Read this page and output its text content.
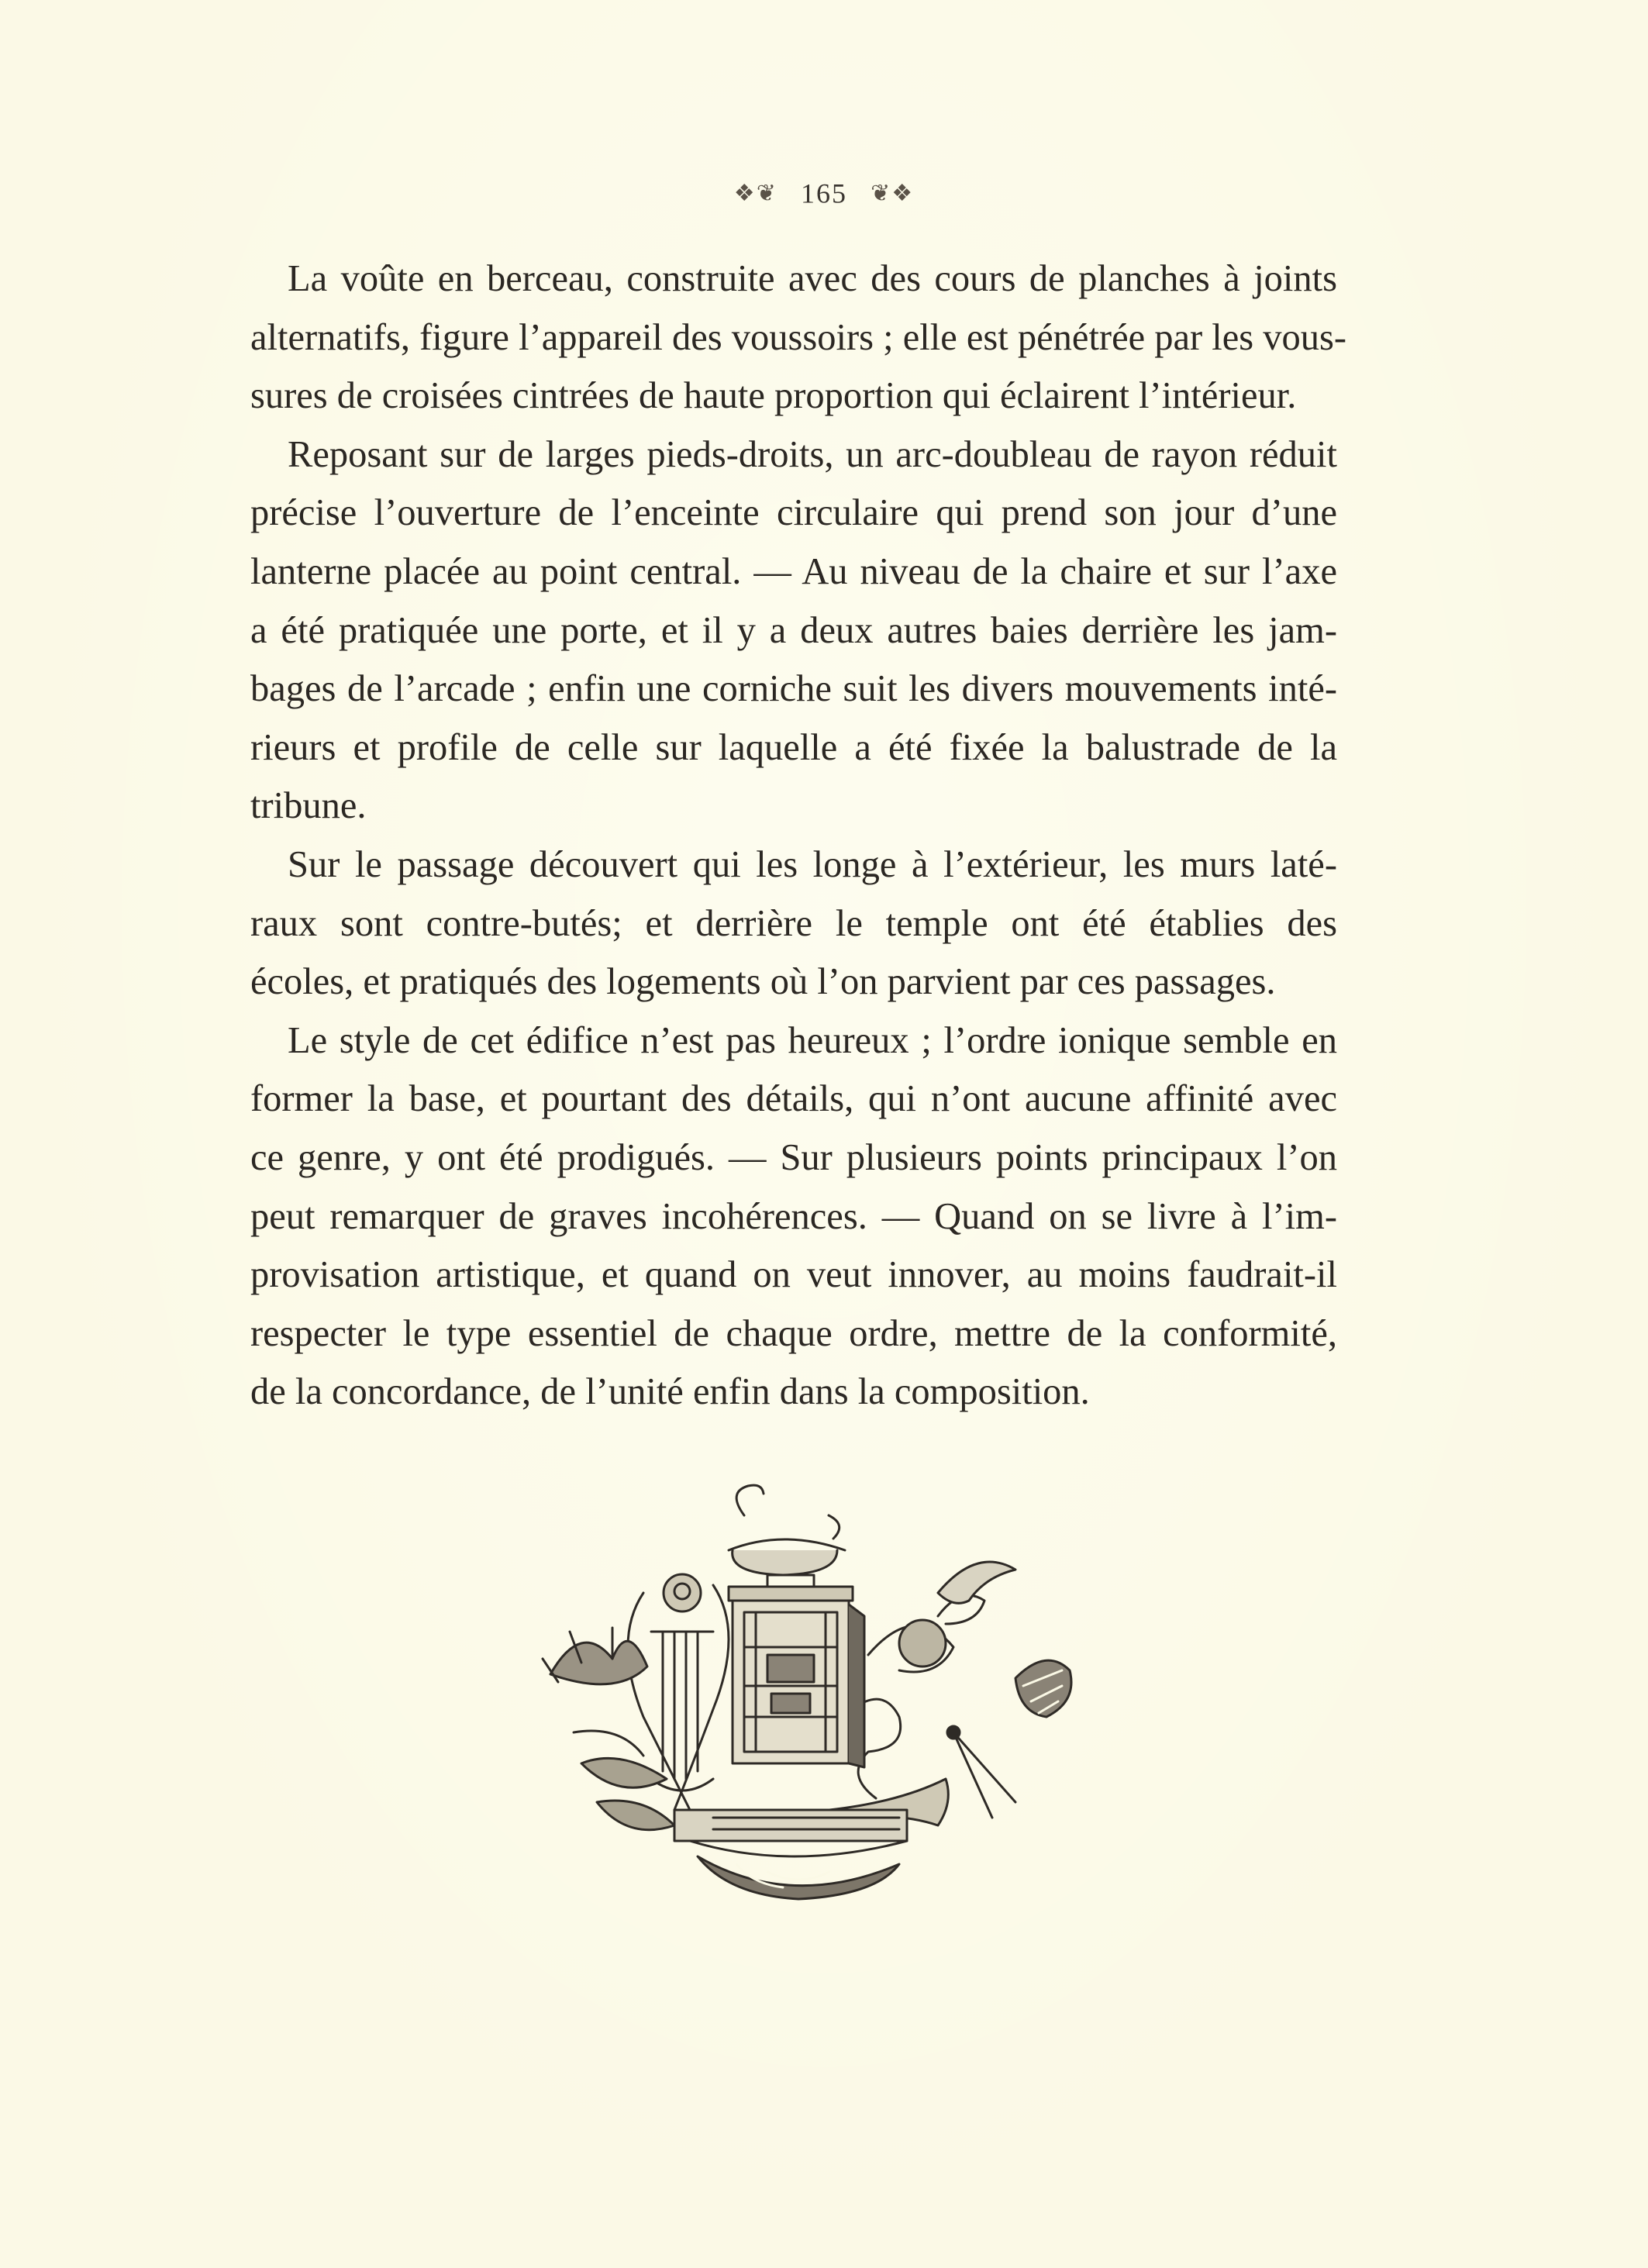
❖❦ 165 ❦❖

La voûte en berceau, construite avec des cours de planches à joints
alternatifs, figure l’appareil des voussoirs ; elle est pénétrée par les vous-
sures de croisées cintrées de haute proportion qui éclairent l’intérieur.

Reposant sur de larges pieds-droits, un arc-doubleau de rayon réduit
précise l’ouverture de l’enceinte circulaire qui prend son jour d’une
lanterne placée au point central. — Au niveau de la chaire et sur l’axe
a été pratiquée une porte, et il y a deux autres baies derrière les jam-
bages de l’arcade ; enfin une corniche suit les divers mouvements inté-
rieurs et profile de celle sur laquelle a été fixée la balustrade de la
tribune.

Sur le passage découvert qui les longe à l’extérieur, les murs laté-
raux sont contre-butés; et derrière le temple ont été établies des
écoles, et pratiqués des logements où l’on parvient par ces passages.

Le style de cet édifice n’est pas heureux ; l’ordre ionique semble en
former la base, et pourtant des détails, qui n’ont aucune affinité avec
ce genre, y ont été prodigués. — Sur plusieurs points principaux l’on
peut remarquer de graves incohérences. — Quand on se livre à l’im-
provisation artistique, et quand on veut innover, au moins faudrait-il
respecter le type essentiel de chaque ordre, mettre de la conformité,
de la concordance, de l’unité enfin dans la composition.
